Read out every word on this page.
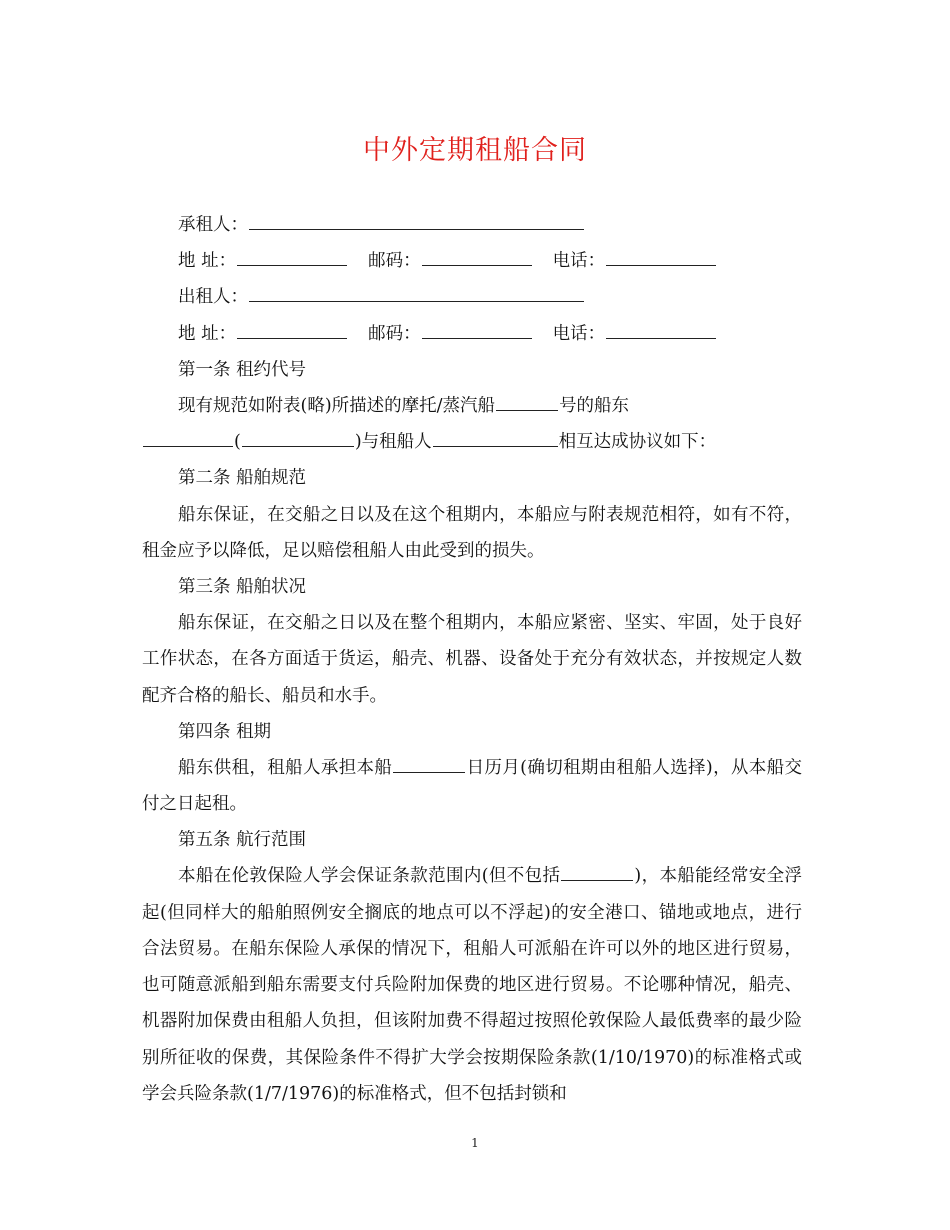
中外定期租船合同
承租人：
地 址：	邮码：	电话：
出租人：
地 址：	邮码：	电话：
第一条 租约代号
现有规范如附表(略)所描述的摩托/蒸汽船	号的船东
(	)与租船人	相互达成协议如下：
第二条 船舶规范
船东保证，在交船之日以及在这个租期内，本船应与附表规范相符，如有不符，租金应予以降低，足以赔偿租船人由此受到的损失。
第三条 船舶状况
船东保证，在交船之日以及在整个租期内，本船应紧密、坚实、牢固，处于良好工作状态，在各方面适于货运，船壳、机器、设备处于充分有效状态，并按规定人数配齐合格的船长、船员和水手。
第四条 租期
船东供租，租船人承担本船	日历月(确切租期由租船人选择)，从本船交付之日起租。
第五条 航行范围
本船在伦敦保险人学会保证条款范围内(但不包括	)，本船能经常安全浮起(但同样大的船舶照例安全搁底的地点可以不浮起)的安全港口、锚地或地点，进行合法贸易。在船东保险人承保的情况下，租船人可派船在许可以外的地区进行贸易，也可随意派船到船东需要支付兵险附加保费的地区进行贸易。不论哪种情况，船壳、机器附加保费由租船人负担，但该附加费不得超过按照伦敦保险人最低费率的最少险别所征收的保费，其保险条件不得扩大学会按期保险条款(1/10/1970)的标准格式或学会兵险条款(1/7/1976)的标准格式，但不包括封锁和
1
